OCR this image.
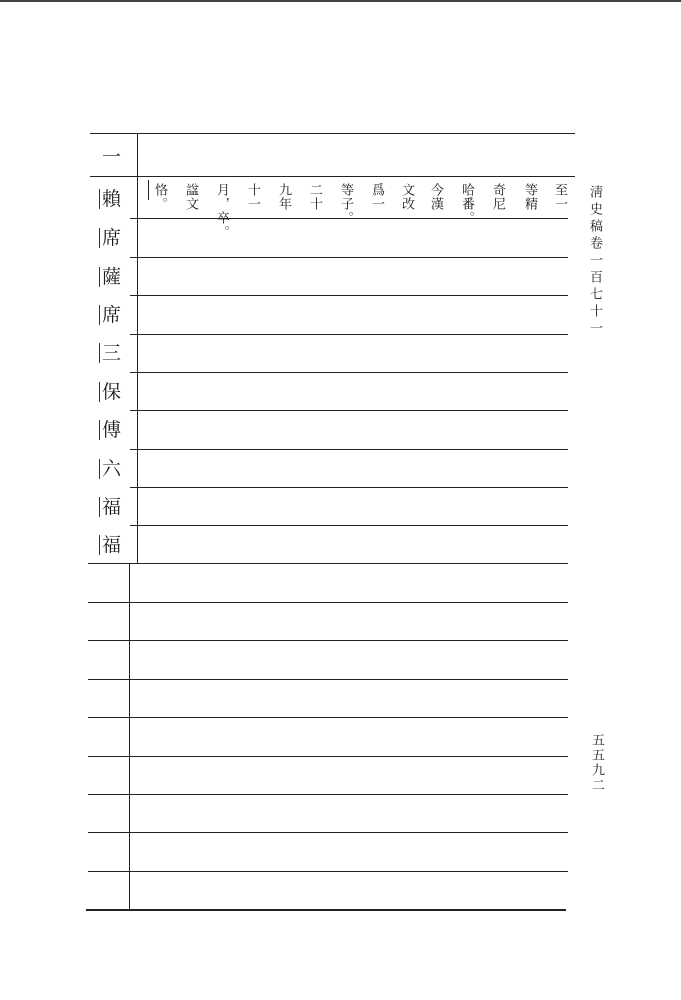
一
賴
席
薩
席
三
保
傅
六
福
福
至一
等精
奇尼
哈番。
今漢
文改
爲一
等子。
二十
九年
十一
月，卒。
諡文
恪。	淸史稿卷一百七十一
五五九二
